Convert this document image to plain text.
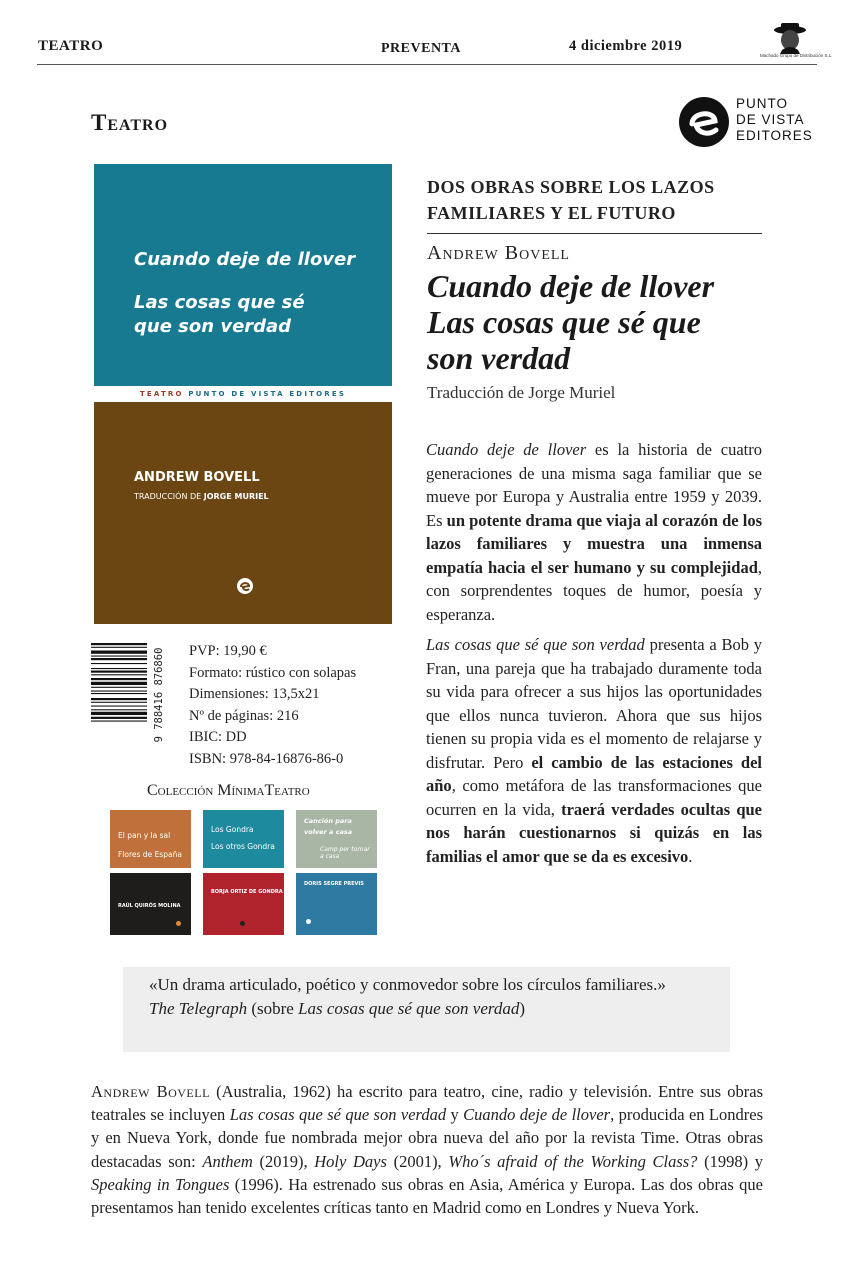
TEATRO	PREVENTA	4 diciembre 2019
Machado Grupo de Distribución S.L.
Teatro
PUNTO
DE VISTA
EDITORES
Cuando deje de llover
Las cosas que sé
que son verdad
TEATRO PUNTO DE VISTA EDITORES
ANDREW BOVELL
TRADUCCIÓN DE JORGE MURIEL
9 788416 876860 PVP: 19,90 €
Formato: rústico con solapas
Dimensiones: 13,5x21
Nº de páginas: 216
IBIC: DD
ISBN: 978-84-16876-86-0
Colección MínimaTeatro
El pan y la sal
Flores de España
Los Gondra
Los otros Gondra
Canción para volver a casa
Camp per tornar a casa
RAÚL QUIRÓS MOLINA
BORJA ORTIZ DE GONDRA
DORIS SEGRE PREVIS
DOS OBRAS SOBRE LOS LAZOS
FAMILIARES Y EL FUTURO
Andrew Bovell
Cuando deje de llover
Las cosas que sé que
son verdad
Traducción de Jorge Muriel
Cuando deje de llover es la historia de cuatro generaciones de una misma saga familiar que se mueve por Europa y Australia entre 1959 y 2039. Es un potente drama que viaja al corazón de los lazos familiares y muestra una inmensa empatía hacia el ser humano y su complejidad, con sorprendentes toques de humor, poesía y esperanza.
Las cosas que sé que son verdad presenta a Bob y Fran, una pareja que ha trabajado duramente toda su vida para ofrecer a sus hijos las oportunidades que ellos nunca tuvieron. Ahora que sus hijos tienen su propia vida es el momento de relajarse y disfrutar. Pero el cambio de las estaciones del año, como metáfora de las transformaciones que ocurren en la vida, traerá verdades ocultas que nos harán cuestionarnos si quizás en las familias el amor que se da es excesivo.
«Un drama articulado, poético y conmovedor sobre los círculos familiares.»
The Telegraph (sobre Las cosas que sé que son verdad)
Andrew Bovell (Australia, 1962) ha escrito para teatro, cine, radio y televisión. Entre sus obras teatrales se incluyen Las cosas que sé que son verdad y Cuando deje de llover, producida en Londres y en Nueva York, donde fue nombrada mejor obra nueva del año por la revista Time. Otras obras destacadas son: Anthem (2019), Holy Days (2001), Who´s afraid of the Working Class? (1998) y Speaking in Tongues (1996). Ha estrenado sus obras en Asia, América y Europa. Las dos obras que presentamos han tenido excelentes críticas tanto en Madrid como en Londres y Nueva York.
